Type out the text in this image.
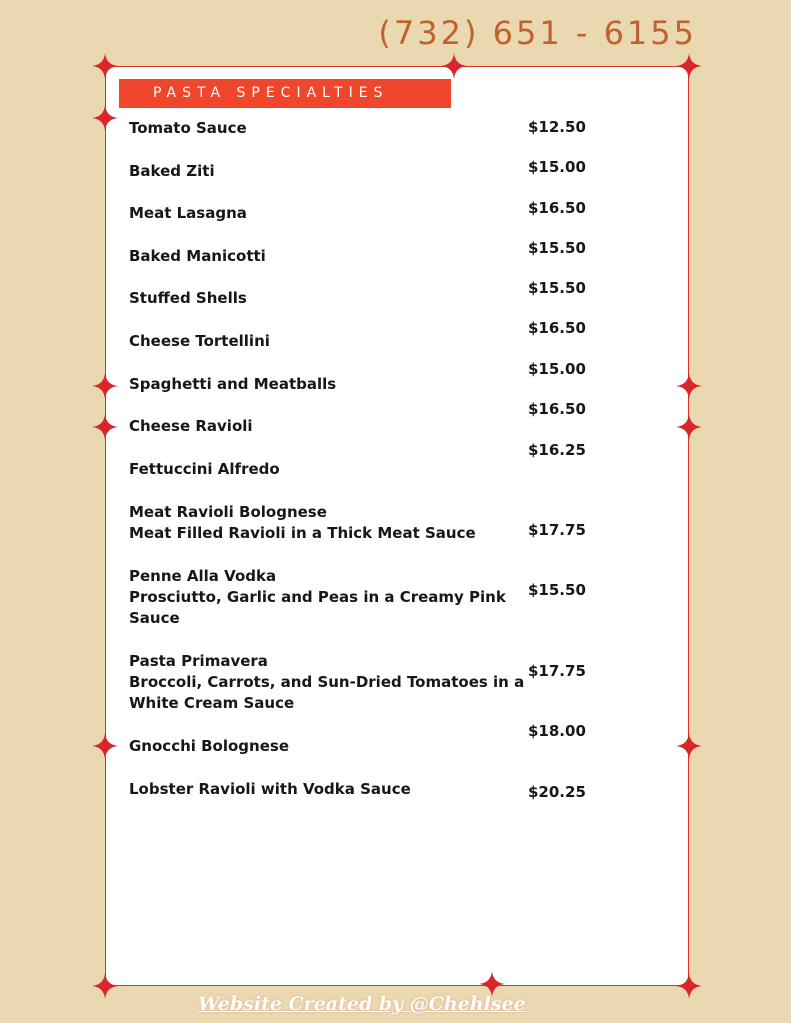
(732) 651 - 6155
PASTA SPECIALTIES
Tomato Sauce	$12.50
Baked Ziti	$15.00
Meat Lasagna	$16.50
Baked Manicotti	$15.50
Stuffed Shells
$15.50
Cheese Tortellini
$16.50
Spaghetti and Meatballs
$15.00
Cheese Ravioli
$16.50
Fettuccini Alfredo
$16.25
Meat Ravioli Bolognese
Meat Filled Ravioli in a Thick Meat Sauce	$17.75
Penne Alla Vodka
Prosciutto, Garlic and Peas in a Creamy Pink
Sauce
$15.50
Pasta Primavera
Broccoli, Carrots, and Sun-Dried Tomatoes in a
White Cream Sauce
$17.75
Gnocchi Bolognese
$18.00
Lobster Ravioli with Vodka Sauce	$20.25
Website Created by @Chehlsee
